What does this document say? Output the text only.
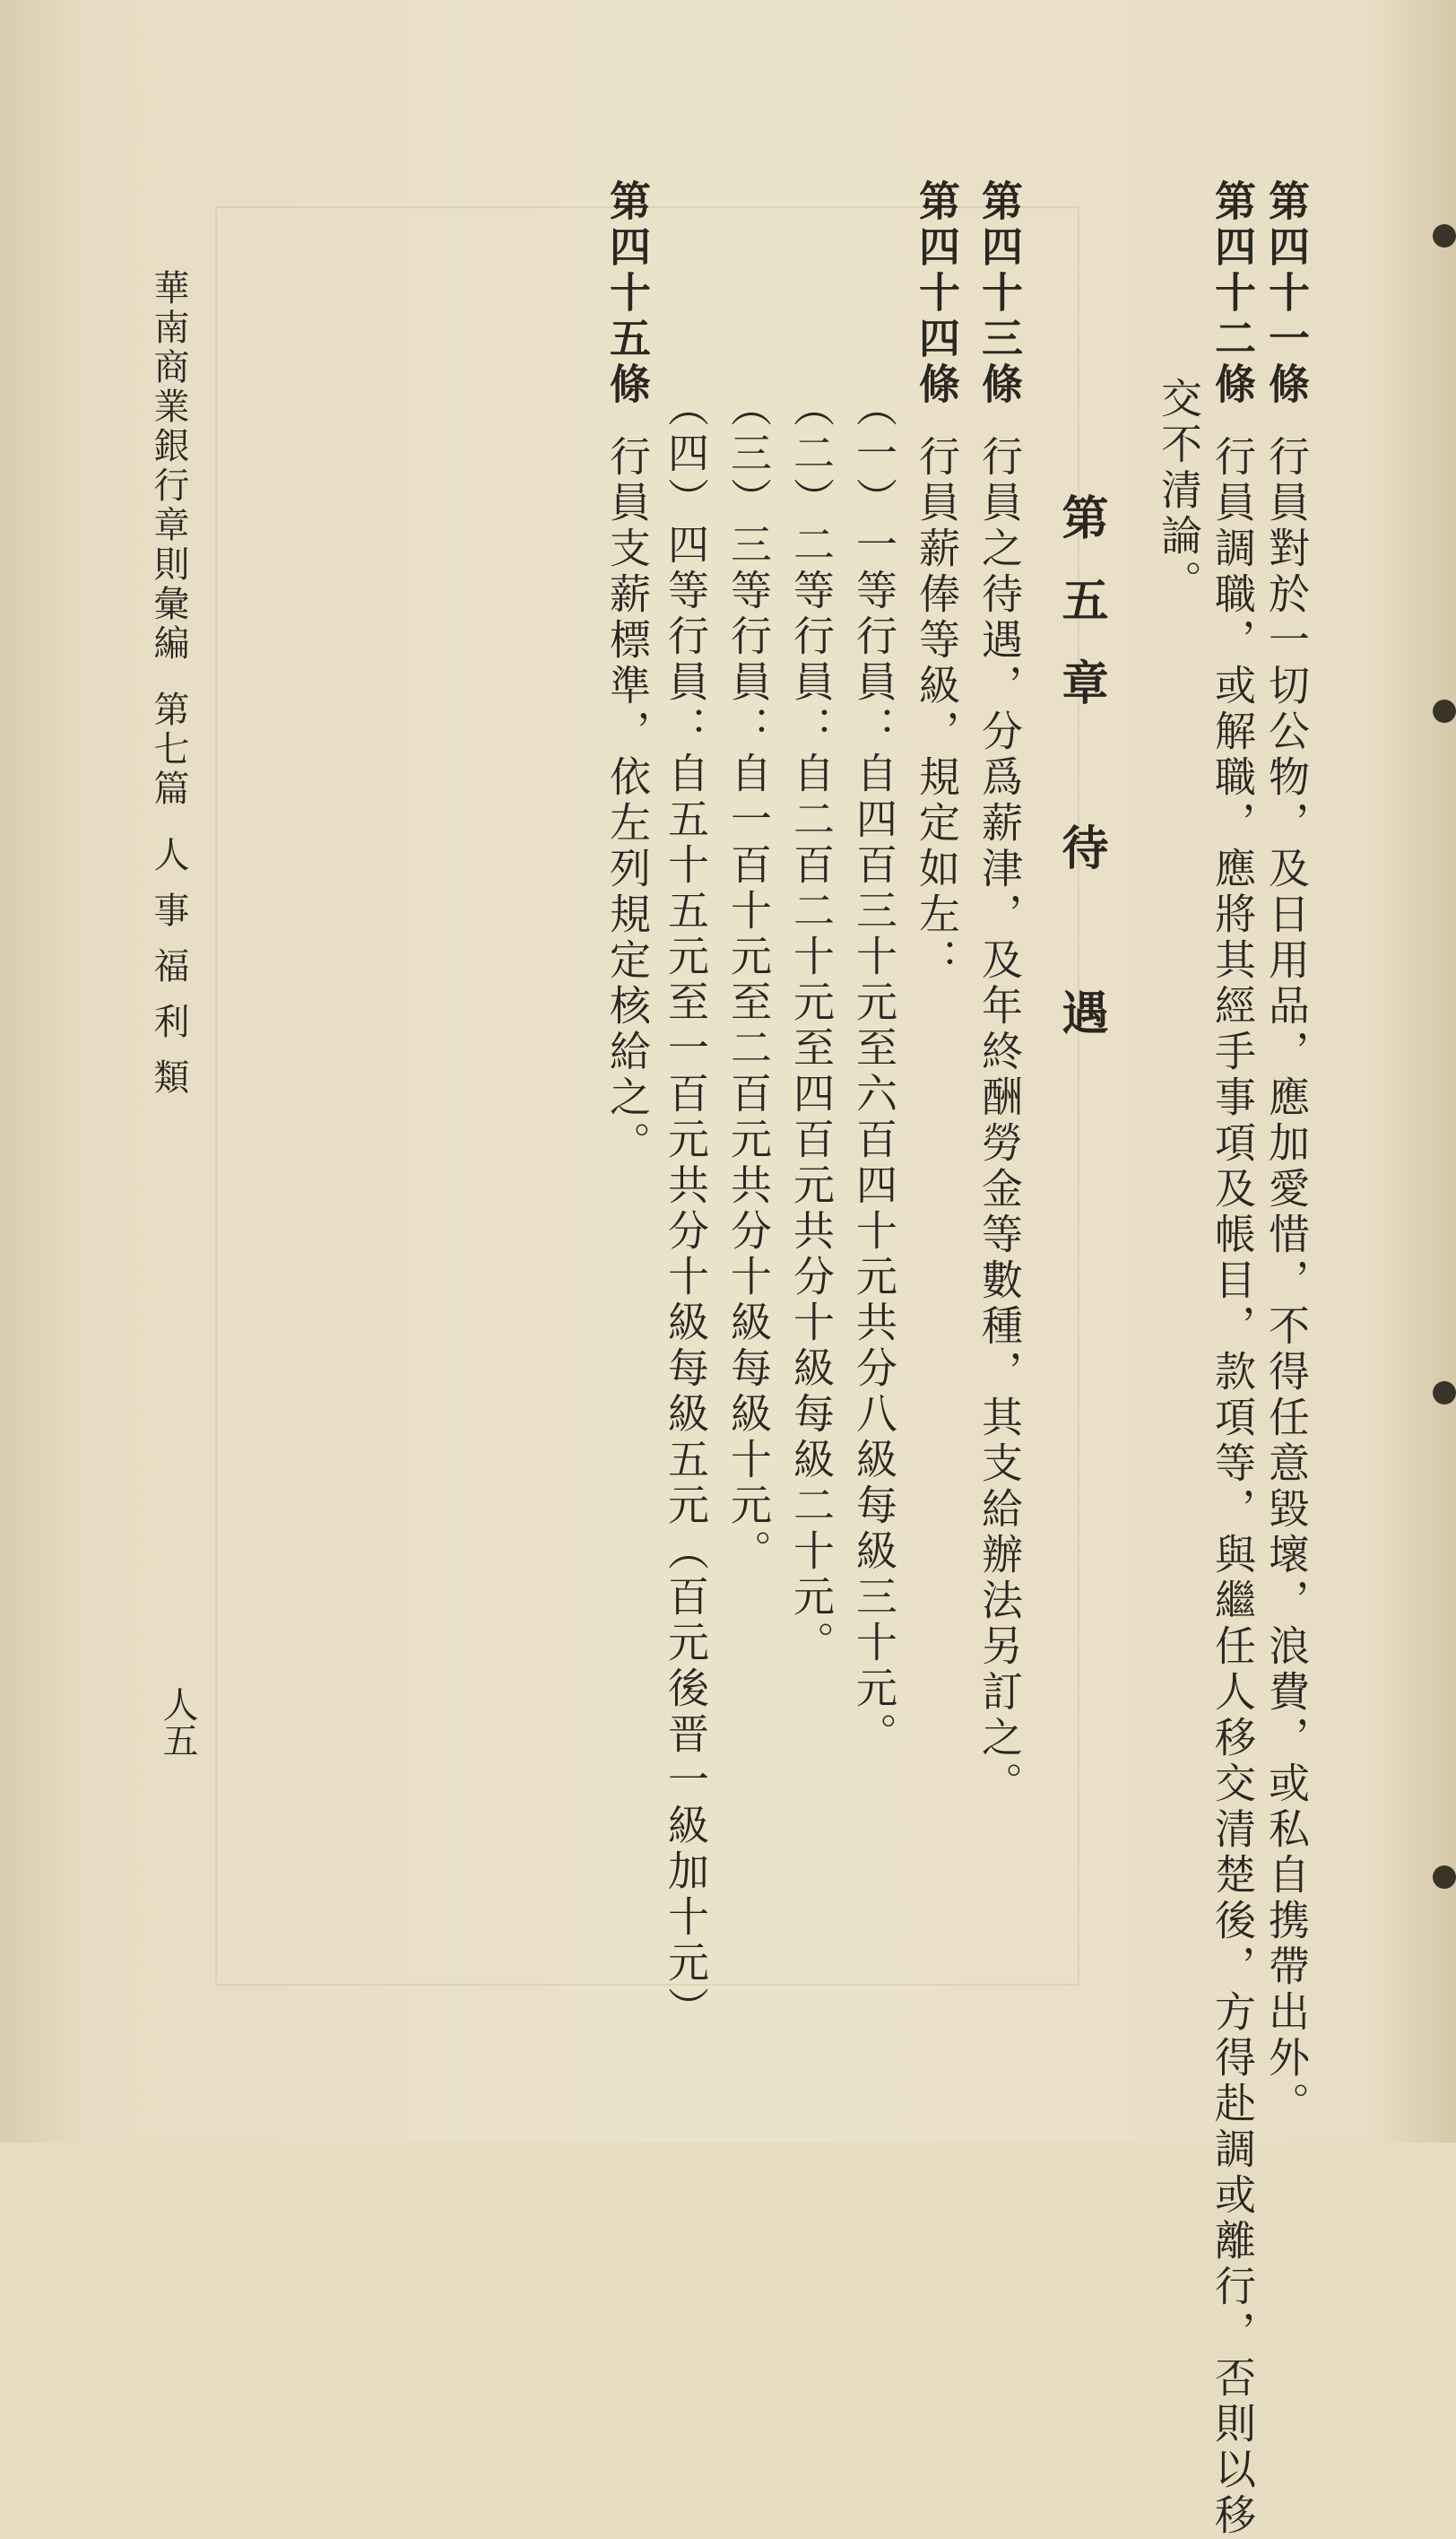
第四十一條行員對於一切公物，及日用品，應加愛惜，不得任意毀壞，浪費，或私自携帶出外。
第四十二條行員調職，或解職，應將其經手事項及帳目，款項等，與繼任人移交清楚後，方得赴調或離行，否則以移
交不清論。
第五章　待　遇
第四十三條行員之待遇，分爲薪津，及年終酬勞金等數種，其支給辦法另訂之。
第四十四條行員薪俸等級，規定如左：
（一）一等行員：自四百三十元至六百四十元共分八級每級三十元。
（二）二等行員：自二百二十元至四百元共分十級每級二十元。
（三）三等行員：自一百十元至二百元共分十級每級十元。
（四）四等行員：自五十五元至一百元共分十級每級五元（百元後晋一級加十元）
第四十五條行員支薪標準，依左列規定核給之。
華南商業銀行章則彙編第七篇人事福利類
人五
